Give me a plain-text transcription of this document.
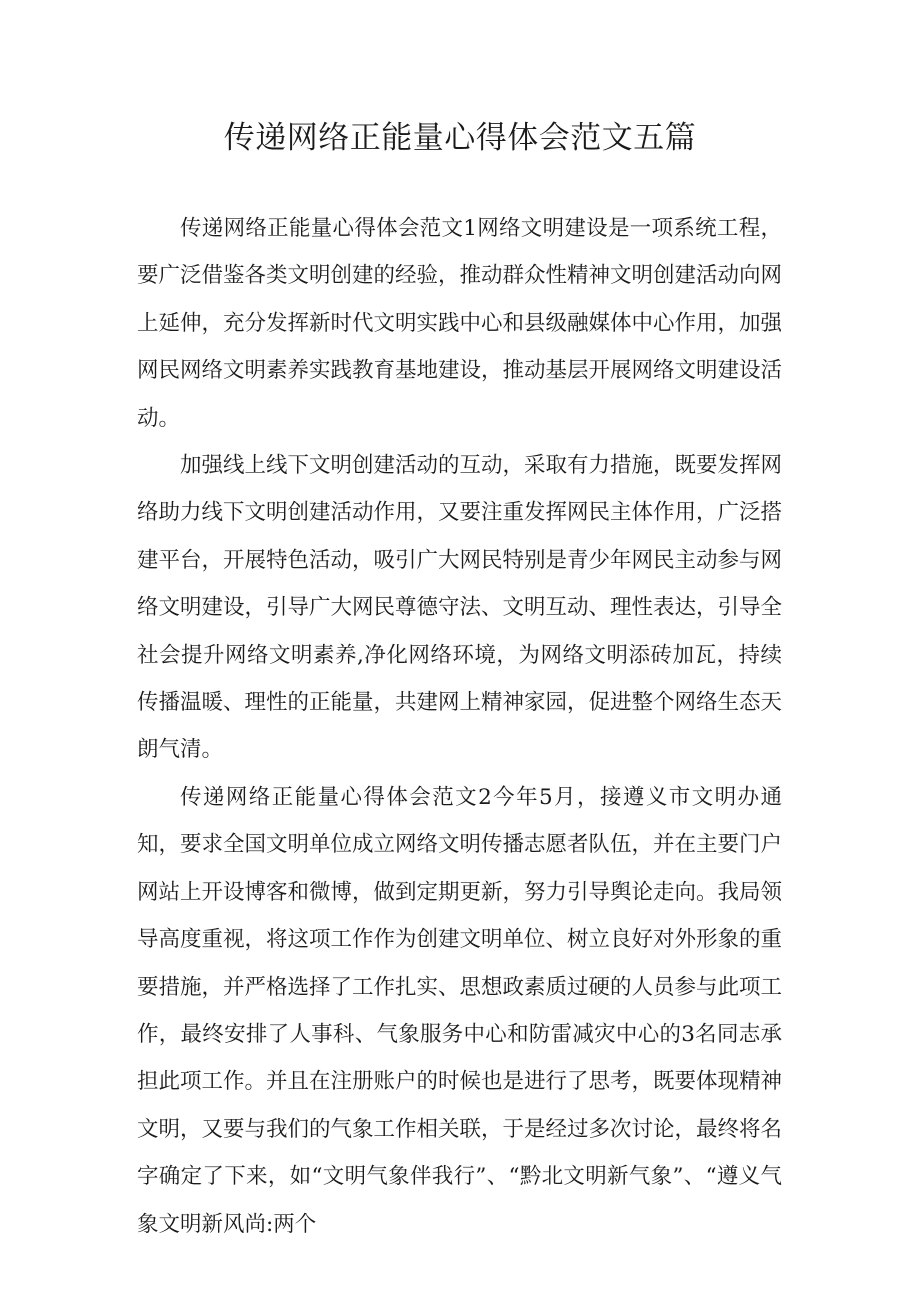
传递网络正能量心得体会范文五篇

传递网络正能量心得体会范文1网络文明建设是一项系统工程，要广泛借鉴各类文明创建的经验，推动群众性精神文明创建活动向网上延伸，充分发挥新时代文明实践中心和县级融媒体中心作用，加强网民网络文明素养实践教育基地建设，推动基层开展网络文明建设活动。

加强线上线下文明创建活动的互动，采取有力措施，既要发挥网络助力线下文明创建活动作用，又要注重发挥网民主体作用，广泛搭建平台，开展特色活动，吸引广大网民特别是青少年网民主动参与网络文明建设，引导广大网民尊德守法、文明互动、理性表达，引导全社会提升网络文明素养,净化网络环境，为网络文明添砖加瓦，持续传播温暖、理性的正能量，共建网上精神家园，促进整个网络生态天朗气清。

传递网络正能量心得体会范文2今年5月，接遵义市文明办通知，要求全国文明单位成立网络文明传播志愿者队伍，并在主要门户网站上开设博客和微博，做到定期更新，努力引导舆论走向。我局领导高度重视，将这项工作作为创建文明单位、树立良好对外形象的重要措施，并严格选择了工作扎实、思想政素质过硬的人员参与此项工作，最终安排了人事科、气象服务中心和防雷减灾中心的3名同志承担此项工作。并且在注册账户的时候也是进行了思考，既要体现精神文明，又要与我们的气象工作相关联，于是经过多次讨论，最终将名字确定了下来，如“文明气象伴我行”、“黔北文明新气象”、“遵义气象文明新风尚:两个
